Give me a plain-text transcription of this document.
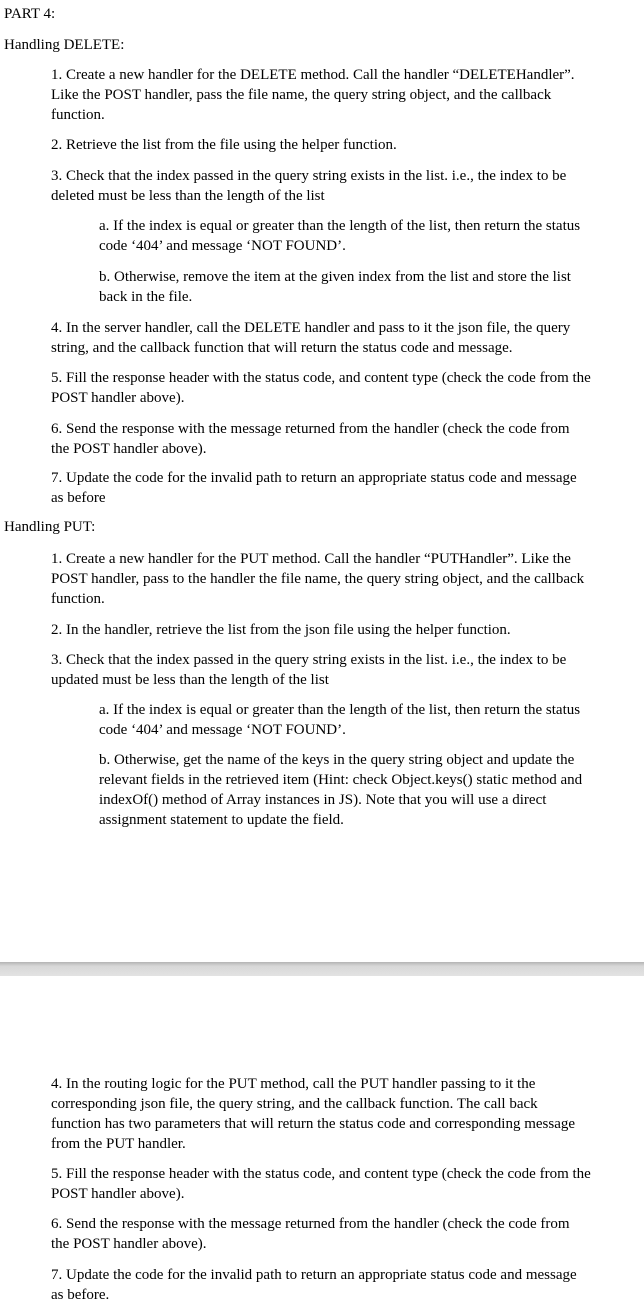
PART 4:
Handling DELETE:
1. Create a new handler for the DELETE method. Call the handler “DELETEHandler”.
Like the POST handler, pass the file name, the query string object, and the callback
function.
2. Retrieve the list from the file using the helper function.
3. Check that the index passed in the query string exists in the list. i.e., the index to be
deleted must be less than the length of the list
a. If the index is equal or greater than the length of the list, then return the status
code ‘404’ and message ‘NOT FOUND’.
b. Otherwise, remove the item at the given index from the list and store the list
back in the file.
4. In the server handler, call the DELETE handler and pass to it the json file, the query
string, and the callback function that will return the status code and message.
5. Fill the response header with the status code, and content type (check the code from the
POST handler above).
6. Send the response with the message returned from the handler (check the code from
the POST handler above).
7. Update the code for the invalid path to return an appropriate status code and message
as before
Handling PUT:
1. Create a new handler for the PUT method. Call the handler “PUTHandler”. Like the
POST handler, pass to the handler the file name, the query string object, and the callback
function.
2. In the handler, retrieve the list from the json file using the helper function.
3. Check that the index passed in the query string exists in the list. i.e., the index to be
updated must be less than the length of the list
a. If the index is equal or greater than the length of the list, then return the status
code ‘404’ and message ‘NOT FOUND’.
b. Otherwise, get the name of the keys in the query string object and update the
relevant fields in the retrieved item (Hint: check Object.keys() static method and
indexOf() method of Array instances in JS). Note that you will use a direct
assignment statement to update the field.
4. In the routing logic for the PUT method, call the PUT handler passing to it the
corresponding json file, the query string, and the callback function. The call back
function has two parameters that will return the status code and corresponding message
from the PUT handler.
5. Fill the response header with the status code, and content type (check the code from the
POST handler above).
6. Send the response with the message returned from the handler (check the code from
the POST handler above).
7. Update the code for the invalid path to return an appropriate status code and message
as before.
